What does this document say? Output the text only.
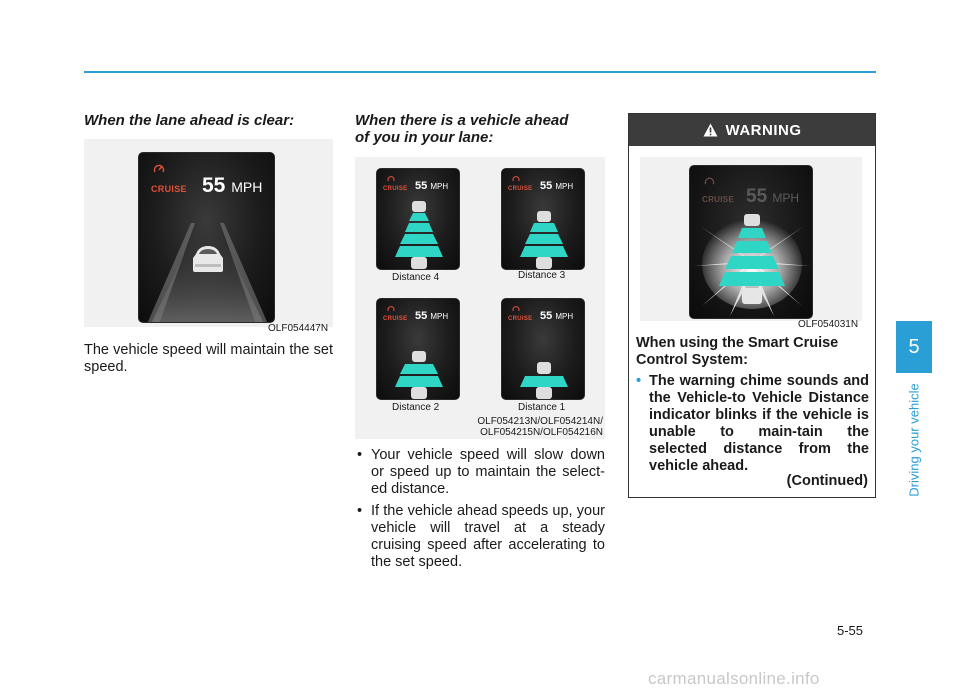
When the lane ahead is clear:
CRUISE 55 MPH
OLF054447N
The vehicle speed will maintain the set speed.
When there is a vehicle ahead
of you in your lane:
CRUISE 55 MPH	CRUISE 55 MPH
CRUISE 55 MPH	CRUISE 55 MPH
Distance 4	Distance 3
Distance 2	Distance 1
OLF054213N/OLF054214N/
OLF054215N/OLF054216N
• Your vehicle speed will slow down or speed up to maintain the select-ed distance.
• If the vehicle ahead speeds up, your vehicle will travel at a steady cruising speed after accelerating to the set speed.
WARNING
CRUISE 55 MPH
OLF054031N
When using the Smart Cruise Control System:
• The warning chime sounds and the Vehicle-to Vehicle Distance indicator blinks if the vehicle is unable to main-tain the selected distance from the vehicle ahead.
(Continued)
5
Driving your vehicle
5-55
carmanualsonline.info
